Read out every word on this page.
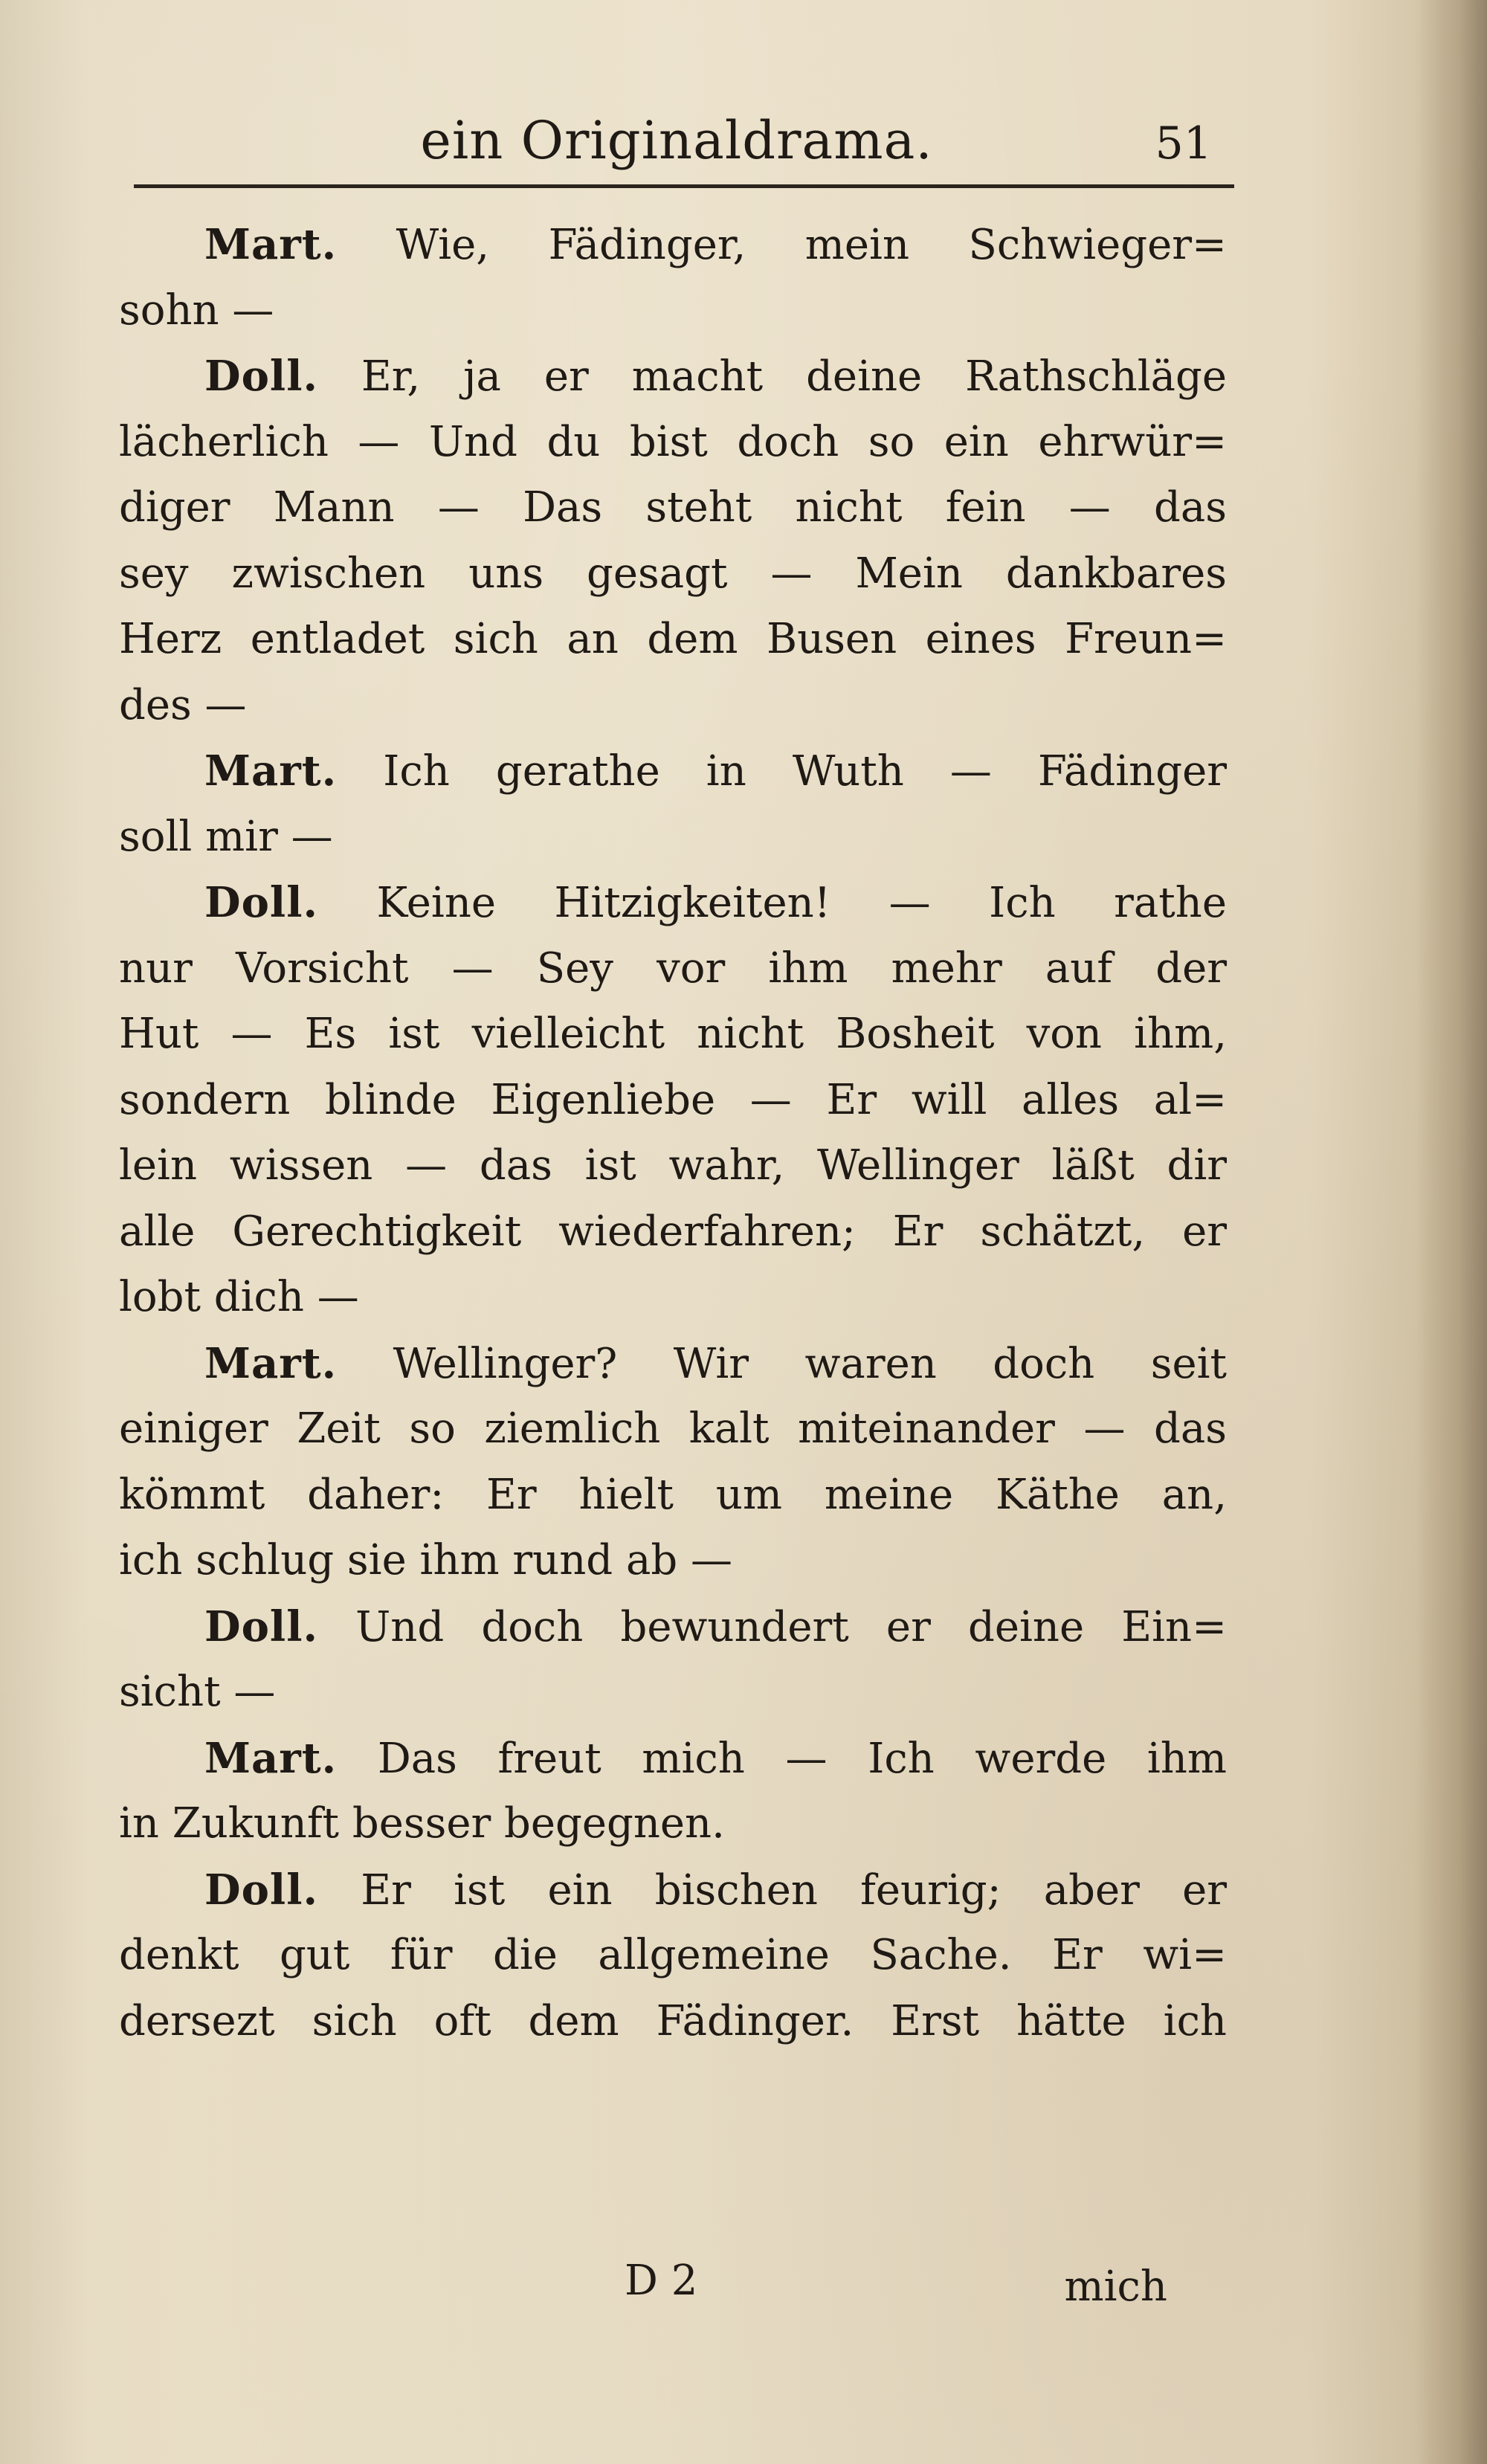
ein Originaldrama.	51
Mart. Wie, Fädinger, mein Schwieger=
sohn —
Doll. Er, ja er macht deine Rathschläge
lächerlich — Und du bist doch so ein ehrwür=
diger Mann — Das steht nicht fein — das
sey zwischen uns gesagt — Mein dankbares
Herz entladet sich an dem Busen eines Freun=
des —
Mart. Ich gerathe in Wuth — Fädinger
soll mir —
Doll. Keine Hitzigkeiten! — Ich rathe
nur Vorsicht — Sey vor ihm mehr auf der
Hut — Es ist vielleicht nicht Bosheit von ihm,
sondern blinde Eigenliebe — Er will alles al=
lein wissen — das ist wahr, Wellinger läßt dir
alle Gerechtigkeit wiederfahren; Er schätzt, er
lobt dich —
Mart. Wellinger? Wir waren doch seit
einiger Zeit so ziemlich kalt miteinander — das
kömmt daher: Er hielt um meine Käthe an,
ich schlug sie ihm rund ab —
Doll. Und doch bewundert er deine Ein=
sicht —
Mart. Das freut mich — Ich werde ihm
in Zukunft besser begegnen.
Doll. Er ist ein bischen feurig; aber er
denkt gut für die allgemeine Sache. Er wi=
dersezt sich oft dem Fädinger. Erst hätte ich
D 2	mich
